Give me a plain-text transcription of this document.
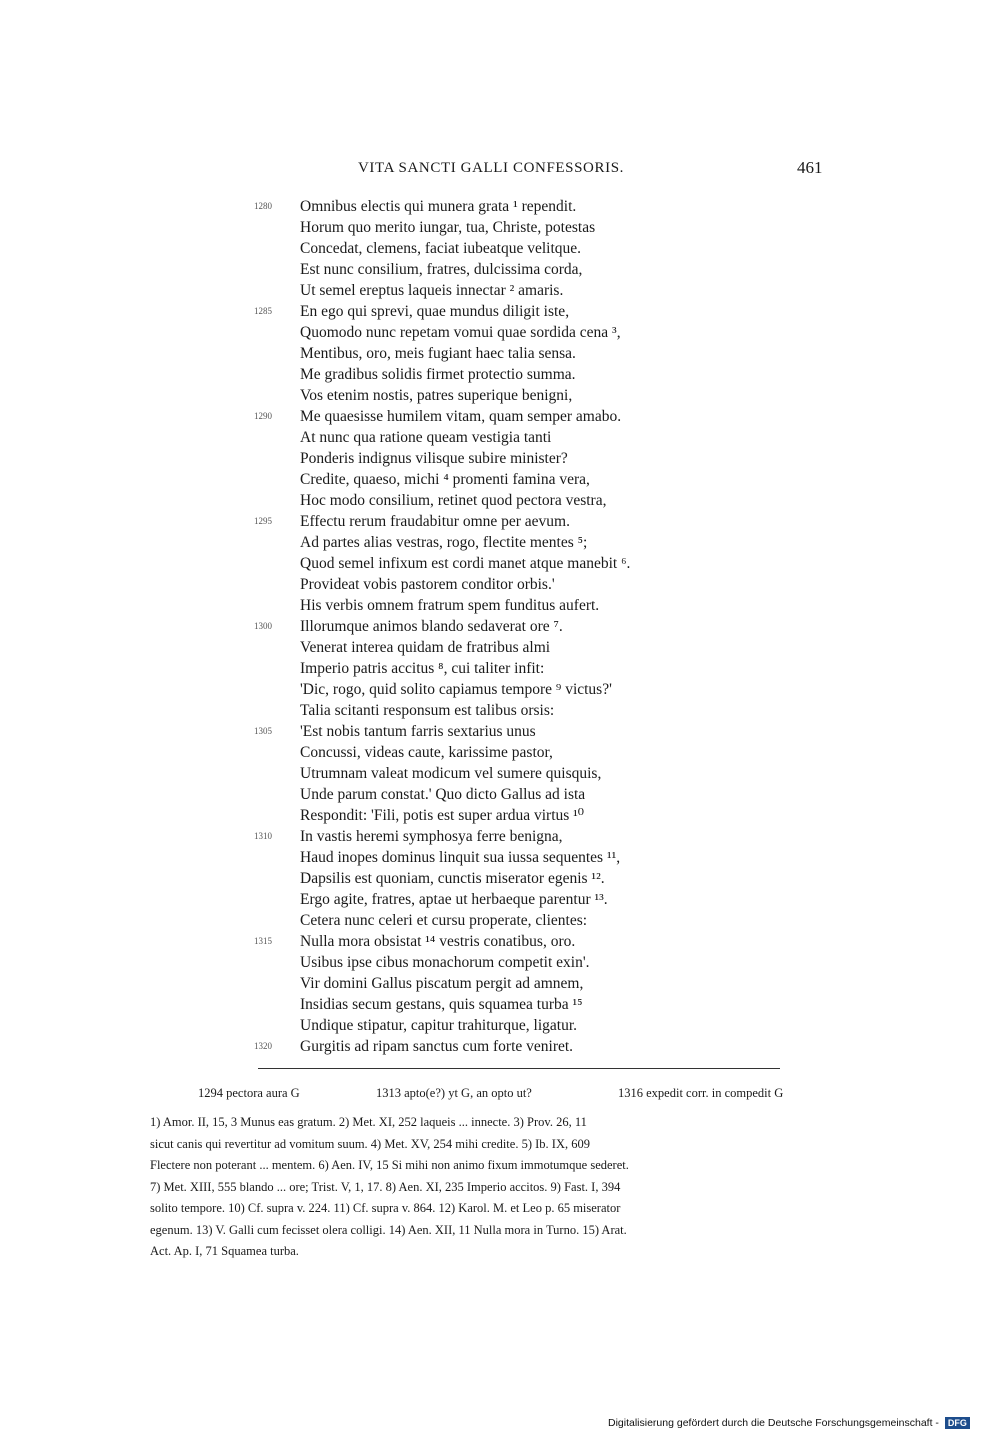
VITA SANCTI GALLI CONFESSORIS.	461
1280
1285
1290
1295
1300
1305
1310
1315
1320
Omnibus electis qui munera grata ¹ rependit.
Horum quo merito iungar, tua, Christe, potestas
Concedat, clemens, faciat iubeatque velitque.
Est nunc consilium, fratres, dulcissima corda,
Ut semel ereptus laqueis innectar ² amaris.
En ego qui sprevi, quae mundus diligit iste,
Quomodo nunc repetam vomui quae sordida cena ³,
Mentibus, oro, meis fugiant haec talia sensa.
Me gradibus solidis firmet protectio summa.
Vos etenim nostis, patres superique benigni,
Me quaesisse humilem vitam, quam semper amabo.
At nunc qua ratione queam vestigia tanti
Ponderis indignus vilisque subire minister?
Credite, quaeso, michi ⁴ promenti famina vera,
Hoc modo consilium, retinet quod pectora vestra,
Effectu rerum fraudabitur omne per aevum.
Ad partes alias vestras, rogo, flectite mentes ⁵;
Quod semel infixum est cordi manet atque manebit ⁶.
Provideat vobis pastorem conditor orbis.'
His verbis omnem fratrum spem funditus aufert.
Illorumque animos blando sedaverat ore ⁷.
Venerat interea quidam de fratribus almi
Imperio patris accitus ⁸, cui taliter infit:
'Dic, rogo, quid solito capiamus tempore ⁹ victus?'
Talia scitanti responsum est talibus orsis:
'Est nobis tantum farris sextarius unus
Concussi, videas caute, karissime pastor,
Utrumnam valeat modicum vel sumere quisquis,
Unde parum constat.' Quo dicto Gallus ad ista
Respondit: 'Fili, potis est super ardua virtus ¹⁰
In vastis heremi symphosya ferre benigna,
Haud inopes dominus linquit sua iussa sequentes ¹¹,
Dapsilis est quoniam, cunctis miserator egenis ¹².
Ergo agite, fratres, aptae ut herbaeque parentur ¹³.
Cetera nunc celeri et cursu properate, clientes:
Nulla mora obsistat ¹⁴ vestris conatibus, oro.
Usibus ipse cibus monachorum competit exin'.
Vir domini Gallus piscatum pergit ad amnem,
Insidias secum gestans, quis squamea turba ¹⁵
Undique stipatur, capitur trahiturque, ligatur.
Gurgitis ad ripam sanctus cum forte veniret.
1294 pectora aura G	1313 apto(e?) yt G, an opto ut?	1316 expedit corr. in compedit G
1) Amor. II, 15, 3 Munus eas gratum. 2) Met. XI, 252 laqueis ... innecte. 3) Prov. 26, 11
sicut canis qui revertitur ad vomitum suum. 4) Met. XV, 254 mihi credite. 5) Ib. IX, 609
Flectere non poterant ... mentem. 6) Aen. IV, 15 Si mihi non animo fixum immotumque sederet.
7) Met. XIII, 555 blando ... ore; Trist. V, 1, 17. 8) Aen. XI, 235 Imperio accitos. 9) Fast. I, 394
solito tempore. 10) Cf. supra v. 224. 11) Cf. supra v. 864. 12) Karol. M. et Leo p. 65 miserator
egenum. 13) V. Galli cum fecisset olera colligi. 14) Aen. XII, 11 Nulla mora in Turno. 15) Arat.
Act. Ap. I, 71 Squamea turba.
Digitalisierung gefördert durch die Deutsche Forschungsgemeinschaft - DFG
